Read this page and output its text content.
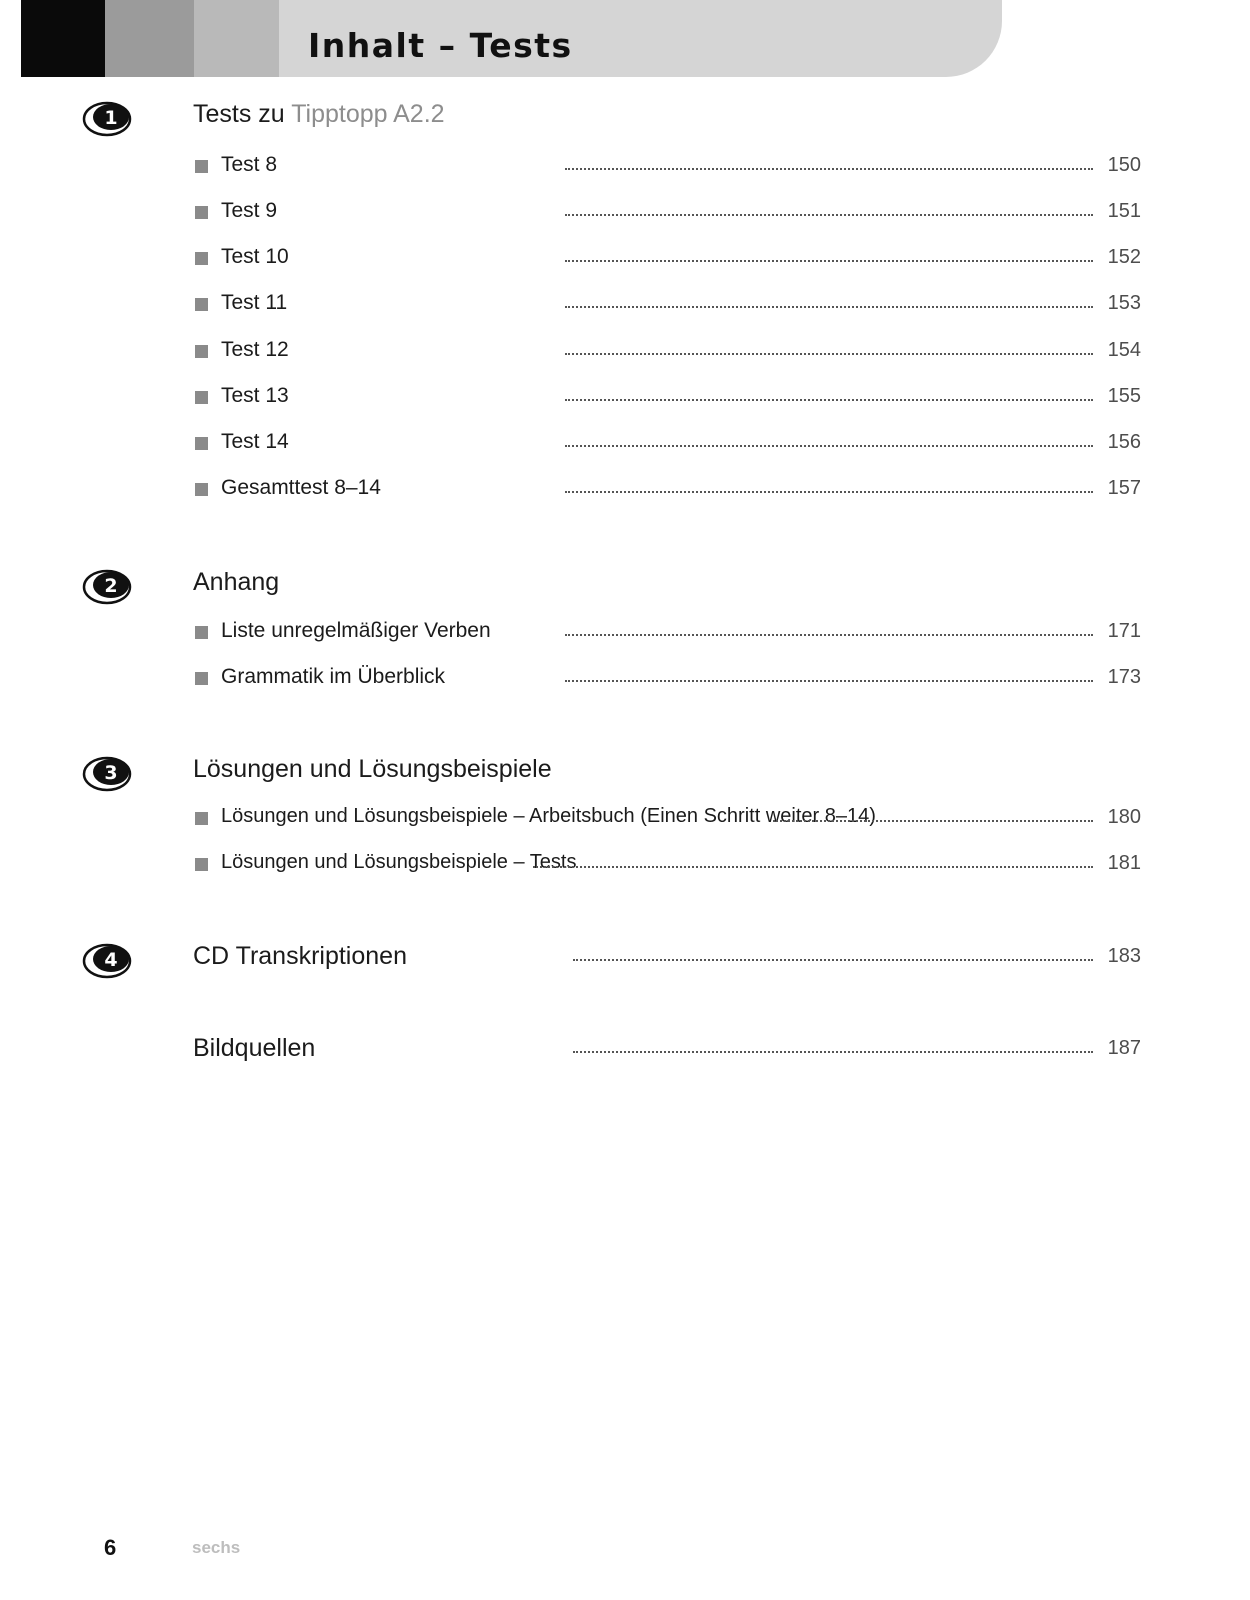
Inhalt – Tests
1	Tests zu Tipptopp A2.2
Test 8	150
Test 9	151
Test 10	152
Test 11	153
Test 12	154
Test 13	155
Test 14	156
Gesamttest 8–14	157
2	Anhang
Liste unregelmäßiger Verben	171
Grammatik im Überblick	173
3	Lösungen und Lösungsbeispiele
Lösungen und Lösungsbeispiele – Arbeitsbuch (Einen Schritt weiter 8–14)	180
Lösungen und Lösungsbeispiele – Tests	181
4	CD Transkriptionen	183
Bildquellen	187
6	sechs
